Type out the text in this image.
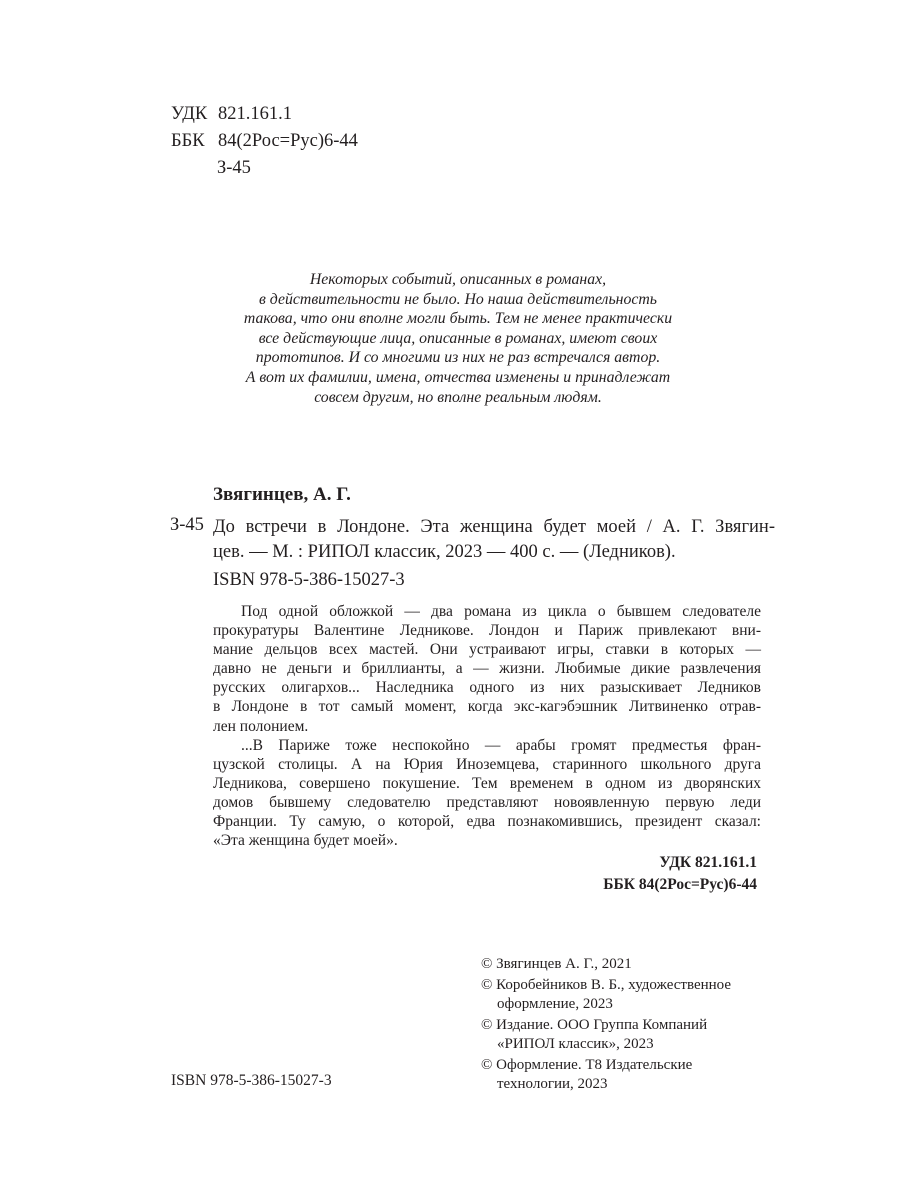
УДК 821.161.1
ББК 84(2Рос=Рус)6-44
З-45
Некоторых событий, описанных в романах,
в действительности не было. Но наша действительность
такова, что они вполне могли быть. Тем не менее практически
все действующие лица, описанные в романах, имеют своих
прототипов. И со многими из них не раз встречался автор.
А вот их фамилии, имена, отчества изменены и принадлежат
совсем другим, но вполне реальным людям.
Звягинцев, А. Г.
З-45 До встречи в Лондоне. Эта женщина будет моей / А. Г. Звягин-
цев. — М. : РИПОЛ классик, 2023 — 400 с. — (Ледников).
ISBN 978-5-386-15027-3
Под одной обложкой — два романа из цикла о бывшем следователе
прокуратуры Валентине Ледникове. Лондон и Париж привлекают вни-
мание дельцов всех мастей. Они устраивают игры, ставки в которых —
давно не деньги и бриллианты, а — жизни. Любимые дикие развлечения
русских олигархов... Наследника одного из них разыскивает Ледников
в Лондоне в тот самый момент, когда экс-кагэбэшник Литвиненко отрав-
лен полонием.
...В Париже тоже неспокойно — арабы громят предместья фран-
цузской столицы. А на Юрия Иноземцева, старинного школьного друга
Ледникова, совершено покушение. Тем временем в одном из дворянских
домов бывшему следователю представляют новоявленную первую леди
Франции. Ту самую, о которой, едва познакомившись, президент сказал:
«Эта женщина будет моей».
УДК 821.161.1
ББК 84(2Рос=Рус)6-44
© Звягинцев А. Г., 2021
© Коробейников В. Б., художественное
оформление, 2023
© Издание. ООО Группа Компаний
«РИПОЛ классик», 2023
© Оформление. Т8 Издательские
технологии, 2023
ISBN 978-5-386-15027-3
